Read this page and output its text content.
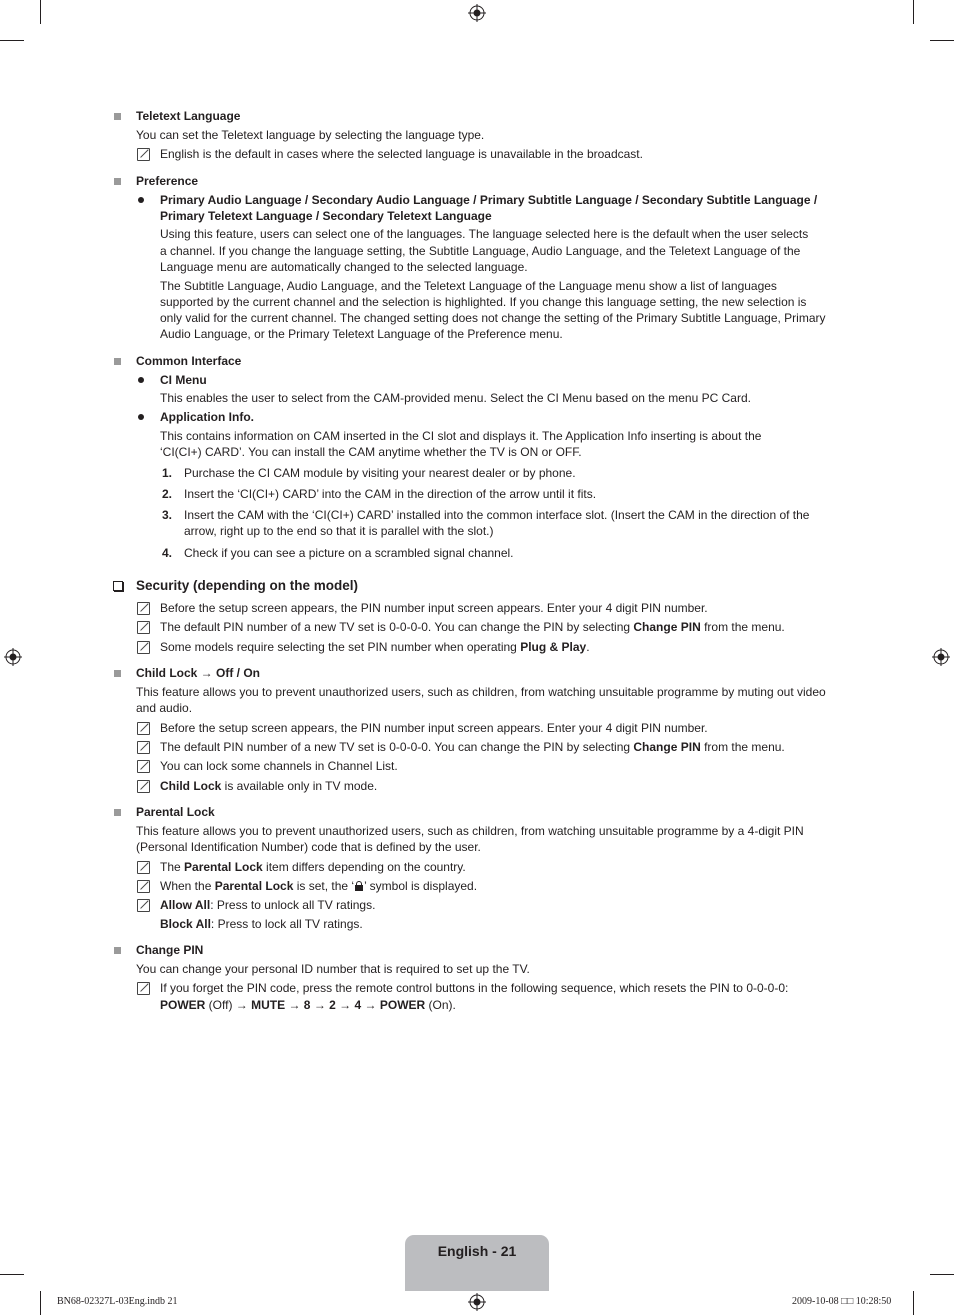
Teletext Language
You can set the Teletext language by selecting the language type.
English is the default in cases where the selected language is unavailable in the broadcast.
Preference
Primary Audio Language / Secondary Audio Language / Primary Subtitle Language / Secondary Subtitle Language /
Primary Teletext Language / Secondary Teletext Language
Using this feature, users can select one of the languages. The language selected here is the default when the user selects
a channel. If you change the language setting, the Subtitle Language, Audio Language, and the Teletext Language of the
Language menu are automatically changed to the selected language.
The Subtitle Language, Audio Language, and the Teletext Language of the Language menu show a list of languages
supported by the current channel and the selection is highlighted. If you change this language setting, the new selection is
only valid for the current channel. The changed setting does not change the setting of the Primary Subtitle Language, Primary
Audio Language, or the Primary Teletext Language of the Preference menu.
Common Interface
CI Menu
This enables the user to select from the CAM-provided menu. Select the CI Menu based on the menu PC Card.
Application Info.
This contains information on CAM inserted in the CI slot and displays it. The Application Info inserting is about the
‘CI(CI+) CARD’. You can install the CAM anytime whether the TV is ON or OFF.
1. Purchase the CI CAM module by visiting your nearest dealer or by phone.
2. Insert the ‘CI(CI+) CARD’ into the CAM in the direction of the arrow until it fits.
3. Insert the CAM with the ‘CI(CI+) CARD’ installed into the common interface slot. (Insert the CAM in the direction of the
arrow, right up to the end so that it is parallel with the slot.)
4. Check if you can see a picture on a scrambled signal channel.
Security (depending on the model)
Before the setup screen appears, the PIN number input screen appears. Enter your 4 digit PIN number.
The default PIN number of a new TV set is 0-0-0-0. You can change the PIN by selecting Change PIN from the menu.
Some models require selecting the set PIN number when operating Plug & Play.
Child Lock → Off / On
This feature allows you to prevent unauthorized users, such as children, from watching unsuitable programme by muting out video
and audio.
Before the setup screen appears, the PIN number input screen appears. Enter your 4 digit PIN number.
The default PIN number of a new TV set is 0-0-0-0. You can change the PIN by selecting Change PIN from the menu.
You can lock some channels in Channel List.
Child Lock is available only in TV mode.
Parental Lock
This feature allows you to prevent unauthorized users, such as children, from watching unsuitable programme by a 4-digit PIN
(Personal Identification Number) code that is defined by the user.
The Parental Lock item differs depending on the country.
When the Parental Lock is set, the ‘ ’ symbol is displayed.
Allow All: Press to unlock all TV ratings.
Block All: Press to lock all TV ratings.
Change PIN
You can change your personal ID number that is required to set up the TV.
If you forget the PIN code, press the remote control buttons in the following sequence, which resets the PIN to 0-0-0-0:
POWER (Off) → MUTE → 8 → 2 → 4 → POWER (On).
English - 21
BN68-02327L-03Eng.indb 21	2009-10-08 □□ 10:28:50
